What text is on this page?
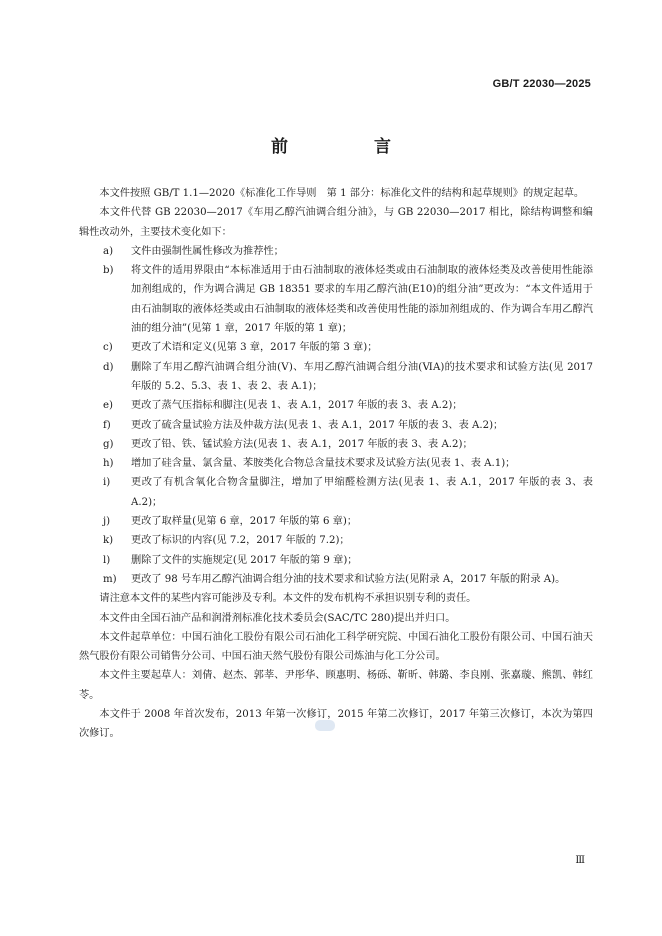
GB/T 22030—2025
前 言

本文件按照 GB/T 1.1—2020《标准化工作导则　第 1 部分：标准化文件的结构和起草规则》的规定起草。

本文件代替 GB 22030—2017《车用乙醇汽油调合组分油》，与 GB 22030—2017 相比，除结构调整和编辑性改动外，主要技术变化如下：

a) 文件由强制性属性修改为推荐性；
b) 将文件的适用界限由“本标准适用于由石油制取的液体烃类或由石油制取的液体烃类及改善使用性能添加剂组成的，作为调合满足 GB 18351 要求的车用乙醇汽油(E10)的组分油”更改为：“本文件适用于由石油制取的液体烃类或由石油制取的液体烃类和改善使用性能的添加剂组成的、作为调合车用乙醇汽油的组分油”(见第 1 章，2017 年版的第 1 章)；
c) 更改了术语和定义(见第 3 章，2017 年版的第 3 章)；
d) 删除了车用乙醇汽油调合组分油(Ⅴ)、车用乙醇汽油调合组分油(ⅥA)的技术要求和试验方法(见 2017 年版的 5.2、5.3、表 1、表 2、表 A.1)；
e) 更改了蒸气压指标和脚注(见表 1、表 A.1，2017 年版的表 3、表 A.2)；
f) 更改了硫含量试验方法及仲裁方法(见表 1、表 A.1，2017 年版的表 3、表 A.2)；
g) 更改了铅、铁、锰试验方法(见表 1、表 A.1，2017 年版的表 3、表 A.2)；
h) 增加了硅含量、氯含量、苯胺类化合物总含量技术要求及试验方法(见表 1、表 A.1)；
i) 更改了有机含氧化合物含量脚注，增加了甲缩醛检测方法(见表 1、表 A.1，2017 年版的表 3、表 A.2)；
j) 更改了取样量(见第 6 章，2017 年版的第 6 章)；
k) 更改了标识的内容(见 7.2，2017 年版的 7.2)；
l) 删除了文件的实施规定(见 2017 年版的第 9 章)；
m) 更改了 98 号车用乙醇汽油调合组分油的技术要求和试验方法(见附录 A，2017 年版的附录 A)。

请注意本文件的某些内容可能涉及专利。本文件的发布机构不承担识别专利的责任。

本文件由全国石油产品和润滑剂标准化技术委员会(SAC/TC 280)提出并归口。

本文件起草单位：中国石油化工股份有限公司石油化工科学研究院、中国石油化工股份有限公司、中国石油天然气股份有限公司销售分公司、中国石油天然气股份有限公司炼油与化工分公司。

本文件主要起草人：刘倩、赵杰、郭莘、尹彤华、顾惠明、杨砾、靳昕、韩璐、李良刚、张嘉璇、熊凯、韩红苓。

本文件于 2008 年首次发布，2013 年第一次修订，2015 年第二次修订，2017 年第三次修订，本次为第四次修订。

Ⅲ
